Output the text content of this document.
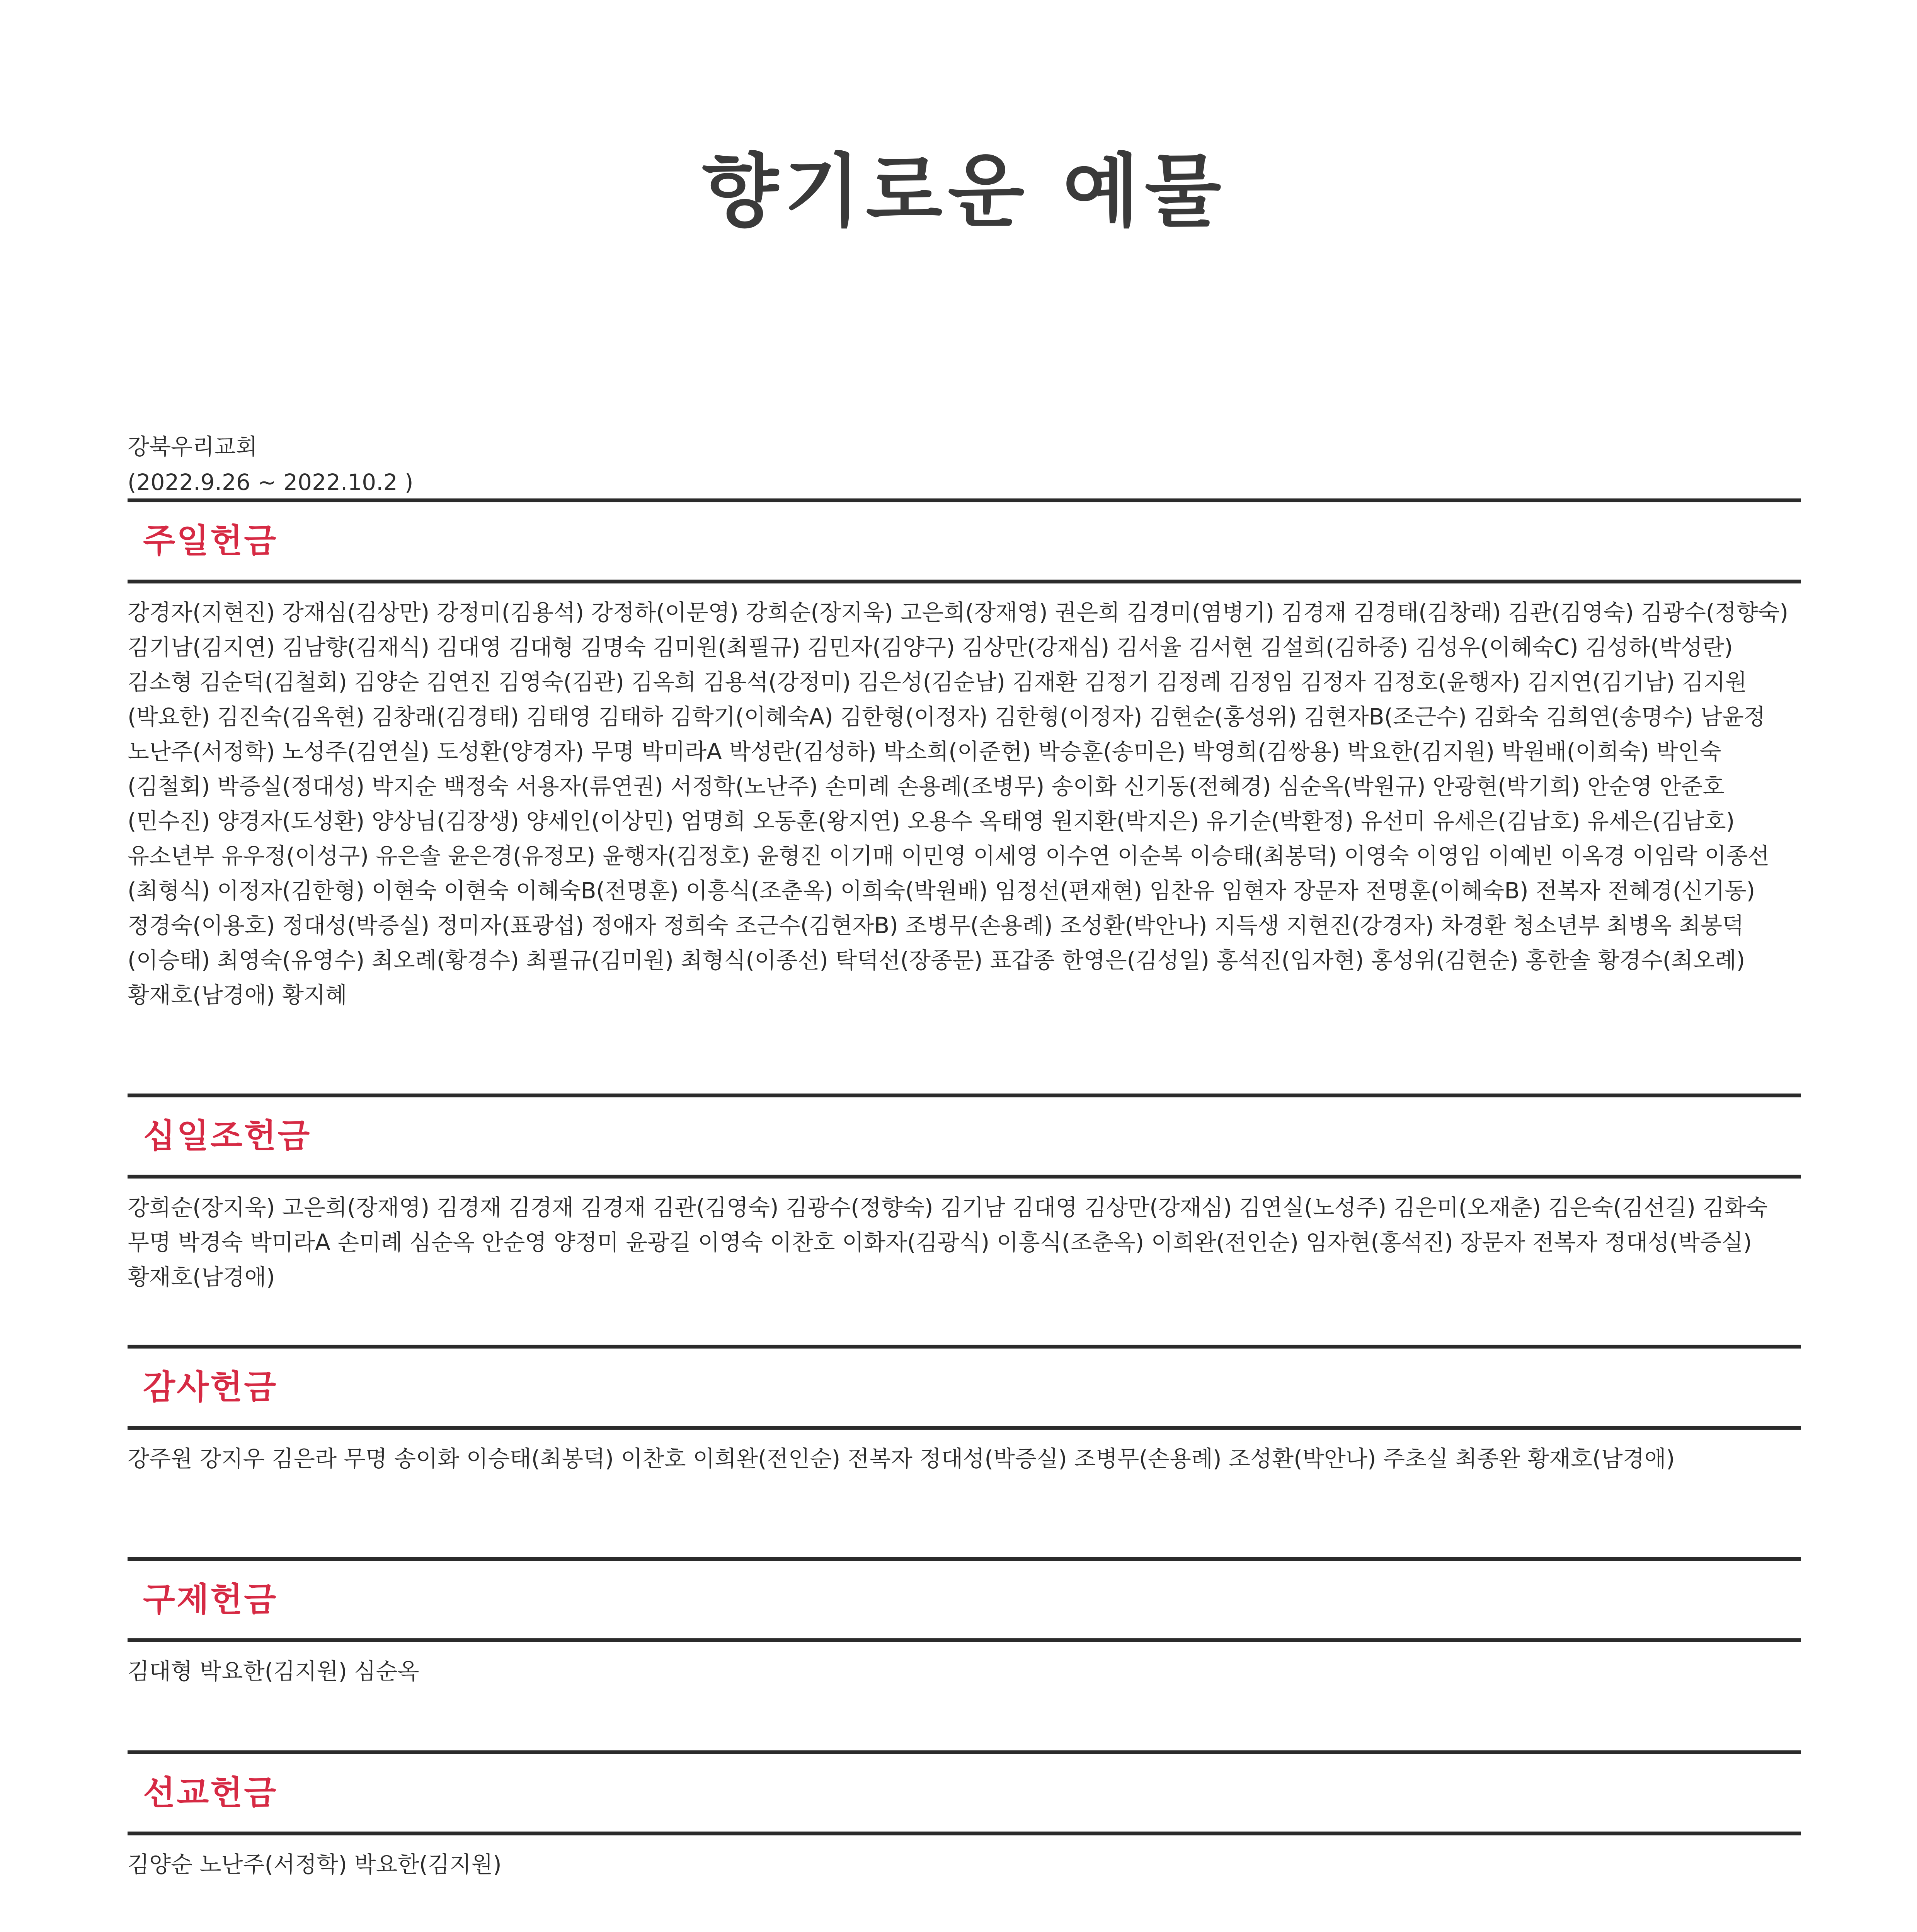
향기로운 예물
강북우리교회
(2022.9.26 ~ 2022.10.2 )
주일헌금
강경자(지현진) 강재심(김상만) 강정미(김용석) 강정하(이문영) 강희순(장지욱) 고은희(장재영) 권은희 김경미(염병기) 김경재 김경태(김창래) 김관(김영숙) 김광수(정향숙) 김기남(김지연) 김남향(김재식) 김대영 김대형 김명숙 김미원(최필규) 김민자(김양구) 김상만(강재심) 김서율 김서현 김설희(김하중) 김성우(이혜숙C) 김성하(박성란) 김소형 김순덕(김철회) 김양순 김연진 김영숙(김관) 김옥희 김용석(강정미) 김은성(김순남) 김재환 김정기 김정례 김정임 김정자 김정호(윤행자) 김지연(김기남) 김지원(박요한) 김진숙(김옥현) 김창래(김경태) 김태영 김태하 김학기(이혜숙A) 김한형(이정자) 김한형(이정자) 김현순(홍성위) 김현자B(조근수) 김화숙 김희연(송명수) 남윤정 노난주(서정학) 노성주(김연실) 도성환(양경자) 무명 박미라A 박성란(김성하) 박소희(이준헌) 박승훈(송미은) 박영희(김쌍용) 박요한(김지원) 박원배(이희숙) 박인숙(김철회) 박증실(정대성) 박지순 백정숙 서용자(류연권) 서정학(노난주) 손미례 손용례(조병무) 송이화 신기동(전혜경) 심순옥(박원규) 안광현(박기희) 안순영 안준호(민수진) 양경자(도성환) 양상님(김장생) 양세인(이상민) 엄명희 오동훈(왕지연) 오용수 옥태영 원지환(박지은) 유기순(박환정) 유선미 유세은(김남호) 유세은(김남호) 유소년부 유우정(이성구) 유은솔 윤은경(유정모) 윤행자(김정호) 윤형진 이기매 이민영 이세영 이수연 이순복 이승태(최봉덕) 이영숙 이영임 이예빈 이옥경 이임락 이종선(최형식) 이정자(김한형) 이현숙 이현숙 이혜숙B(전명훈) 이흥식(조춘옥) 이희숙(박원배) 임정선(편재현) 임찬유 임현자 장문자 전명훈(이혜숙B) 전복자 전혜경(신기동) 정경숙(이용호) 정대성(박증실) 정미자(표광섭) 정애자 정희숙 조근수(김현자B) 조병무(손용례) 조성환(박안나) 지득생 지현진(강경자) 차경환 청소년부 최병옥 최봉덕(이승태) 최영숙(유영수) 최오례(황경수) 최필규(김미원) 최형식(이종선) 탁덕선(장종문) 표갑종 한영은(김성일) 홍석진(임자현) 홍성위(김현순) 홍한솔 황경수(최오례) 황재호(남경애) 황지혜
십일조헌금
강희순(장지욱) 고은희(장재영) 김경재 김경재 김경재 김관(김영숙) 김광수(정향숙) 김기남 김대영 김상만(강재심) 김연실(노성주) 김은미(오재춘) 김은숙(김선길) 김화숙 무명 박경숙 박미라A 손미례 심순옥 안순영 양정미 윤광길 이영숙 이찬호 이화자(김광식) 이흥식(조춘옥) 이희완(전인순) 임자현(홍석진) 장문자 전복자 정대성(박증실) 황재호(남경애)
감사헌금
강주원 강지우 김은라 무명 송이화 이승태(최봉덕) 이찬호 이희완(전인순) 전복자 정대성(박증실) 조병무(손용례) 조성환(박안나) 주초실 최종완 황재호(남경애)
구제헌금
김대형 박요한(김지원) 심순옥
선교헌금
김양순 노난주(서정학) 박요한(김지원)
